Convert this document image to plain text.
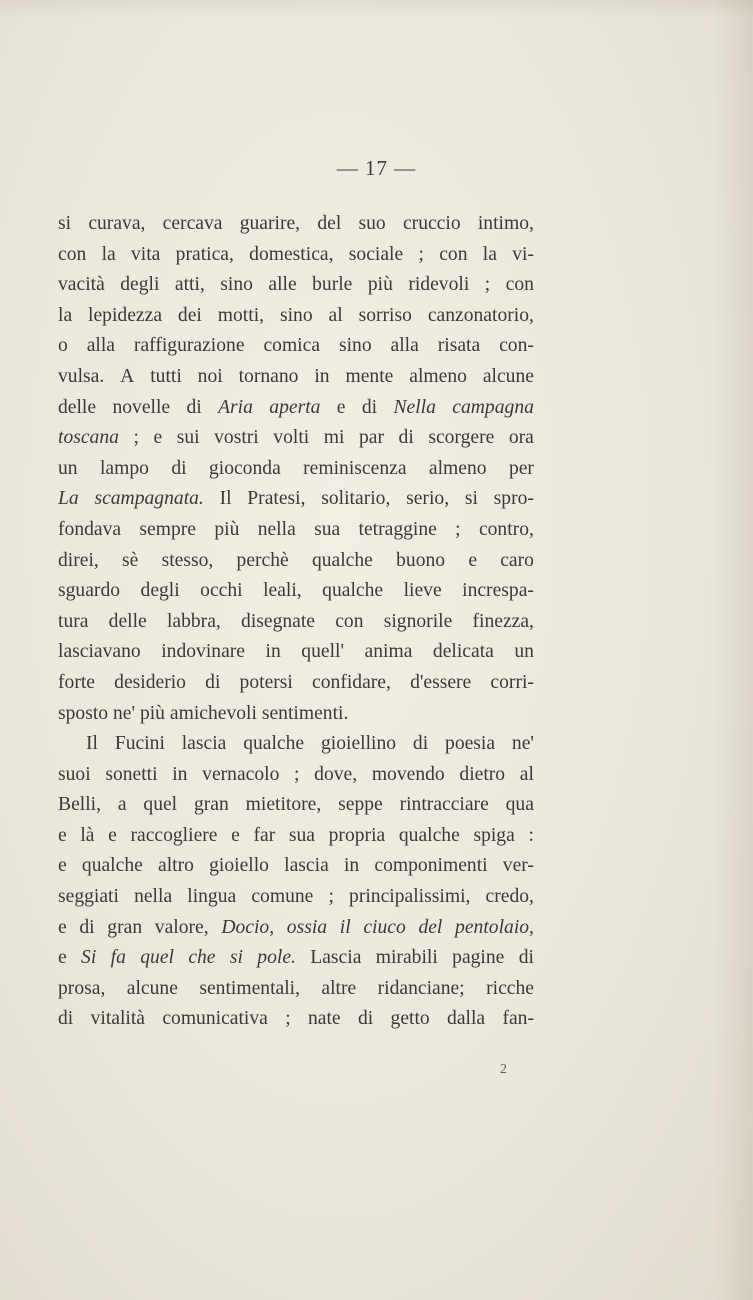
— 17 —
si curava, cercava guarire, del suo cruccio intimo,
con la vita pratica, domestica, sociale ; con la vi-
vacità degli atti, sino alle burle più ridevoli ; con
la lepidezza dei motti, sino al sorriso canzonatorio,
o alla raffigurazione comica sino alla risata con-
vulsa. A tutti noi tornano in mente almeno alcune
delle novelle di Aria aperta e di Nella campagna
toscana ; e sui vostri volti mi par di scorgere ora
un lampo di gioconda reminiscenza almeno per
La scampagnata. Il Pratesi, solitario, serio, si spro-
fondava sempre più nella sua tetraggine ; contro,
direi, sè stesso, perchè qualche buono e caro
sguardo degli occhi leali, qualche lieve increspa-
tura delle labbra, disegnate con signorile finezza,
lasciavano indovinare in quell' anima delicata un
forte desiderio di potersi confidare, d'essere corri-
sposto
ne'
più
amichevoli
sentimenti.

Il Fucini lascia qualche gioiellino di poesia ne'
suoi sonetti in vernacolo ; dove, movendo dietro al
Belli, a quel gran mietitore, seppe rintracciare qua
e là e raccogliere e far sua propria qualche spiga :
e qualche altro gioiello lascia in componimenti ver-
seggiati nella lingua comune ; principalissimi, credo,
e di gran valore, Docio, ossia il ciuco del pentolaio,
e Si fa quel che si pole. Lascia mirabili pagine di
prosa, alcune sentimentali, altre ridanciane; ricche
di vitalità comunicativa ; nate di getto dalla fan-
2
